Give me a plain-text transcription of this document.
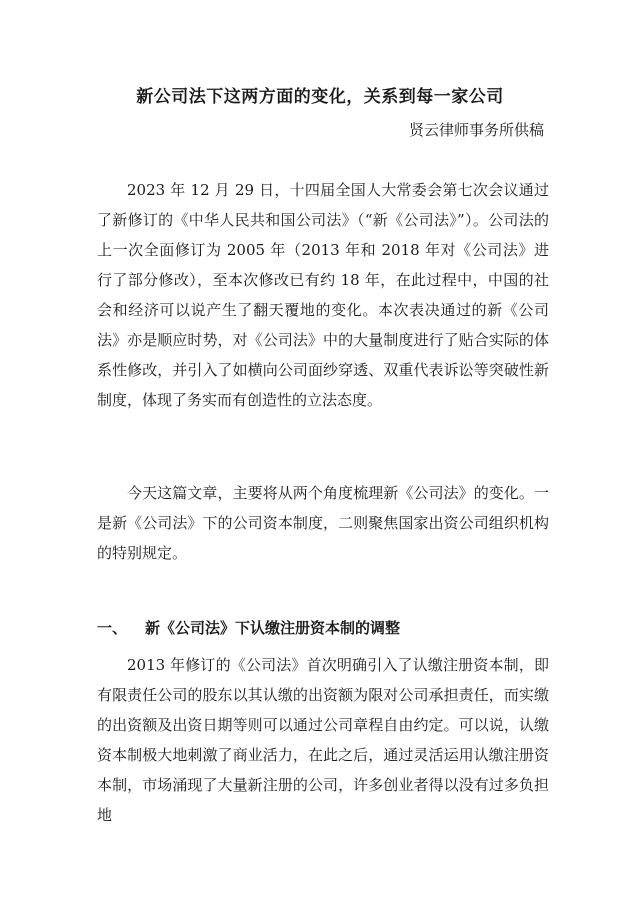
新公司法下这两方面的变化，关系到每一家公司
贤云律师事务所供稿

2023 年 12 月 29 日，十四届全国人大常委会第七次会议通过了新修订的《中华人民共和国公司法》（“新《公司法》”）。公司法的上一次全面修订为 2005 年（2013 年和 2018 年对《公司法》进行了部分修改），至本次修改已有约 18 年，在此过程中，中国的社会和经济可以说产生了翻天覆地的变化。本次表决通过的新《公司法》亦是顺应时势，对《公司法》中的大量制度进行了贴合实际的体系性修改，并引入了如横向公司面纱穿透、双重代表诉讼等突破性新制度，体现了务实而有创造性的立法态度。

今天这篇文章，主要将从两个角度梳理新《公司法》的变化。一是新《公司法》下的公司资本制度，二则聚焦国家出资公司组织机构的特别规定。

一、 新《公司法》下认缴注册资本制的调整

2013 年修订的《公司法》首次明确引入了认缴注册资本制，即有限责任公司的股东以其认缴的出资额为限对公司承担责任，而实缴的出资额及出资日期等则可以通过公司章程自由约定。可以说，认缴资本制极大地刺激了商业活力，在此之后，通过灵活运用认缴注册资本制，市场涌现了大量新注册的公司，许多创业者得以没有过多负担地
